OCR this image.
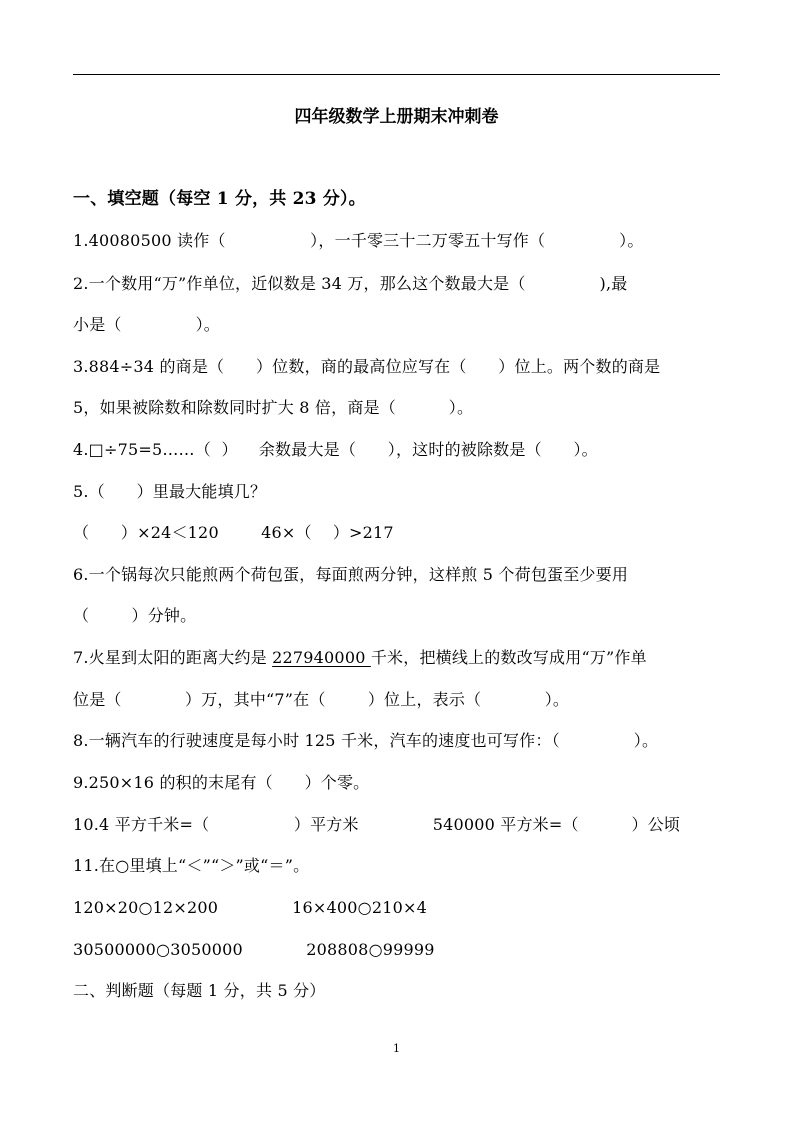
四年级数学上册期末冲刺卷
一、填空题（每空 1 分，共 23 分）。
1.40080500 读作（                ），一千零三十二万零五十写作（              ）。
2.一个数用“万”作单位，近似数是 34 万，那么这个数最大是（              ),最
小是（              ）。
3.884÷34 的商是（      ）位数，商的最高位应写在（      ）位上。两个数的商是
5，如果被除数和除数同时扩大 8 倍，商是（          ）。
4.□÷75=5……（  ）    余数最大是（      ），这时的被除数是（      ）。
5.（      ）里最大能填几？
（      ）×24＜120        46×（    ）>217
6.一个锅每次只能煎两个荷包蛋，每面煎两分钟，这样煎 5 个荷包蛋至少要用
（        ）分钟。
7.火星到太阳的距离大约是 227940000 千米，把横线上的数改写成用“万”作单
位是（            ）万，其中“7”在（        ）位上，表示（            ）。
8.一辆汽车的行驶速度是每小时 125 千米，汽车的速度也可写作：（              ）。
9.250×16 的积的末尾有（      ）个零。
10.4 平方千米=（                ）平方米              540000 平方米=（          ）公顷
11.在○里填上“＜”“＞”或“＝”。
120×20○12×200              16×400○210×4
30500000○3050000            208808○99999
二、判断题（每题 1 分，共 5 分）
1
